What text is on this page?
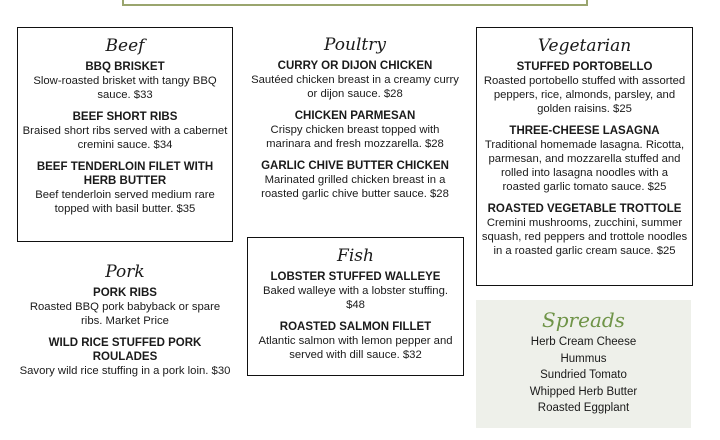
Beef
BBQ BRISKET
Slow-roasted brisket with tangy BBQ sauce. $33
BEEF SHORT RIBS
Braised short ribs served with a cabernet cremini sauce. $34
BEEF TENDERLOIN FILET WITH HERB BUTTER
Beef tenderloin served medium rare topped with basil butter. $35
Poultry
CURRY OR DIJON CHICKEN
Sautéed chicken breast in a creamy curry or dijon sauce. $28
CHICKEN PARMESAN
Crispy chicken breast topped with marinara and fresh mozzarella. $28
GARLIC CHIVE BUTTER CHICKEN
Marinated grilled chicken breast in a roasted garlic chive butter sauce. $28
Vegetarian
STUFFED PORTOBELLO
Roasted portobello stuffed with assorted peppers, rice, almonds, parsley, and golden raisins. $25
THREE-CHEESE LASAGNA
Traditional homemade lasagna. Ricotta, parmesan, and mozzarella stuffed and rolled into lasagna noodles with a roasted garlic tomato sauce. $25
ROASTED VEGETABLE TROTTOLE
Cremini mushrooms, zucchini, summer squash, red peppers and trottole noodles in a roasted garlic cream sauce. $25
Pork
PORK RIBS
Roasted BBQ pork babyback or spare ribs. Market Price
WILD RICE STUFFED PORK ROULADES
Savory wild rice stuffing in a pork loin. $30
Fish
LOBSTER STUFFED WALLEYE
Baked walleye with a lobster stuffing. $48
ROASTED SALMON FILLET
Atlantic salmon with lemon pepper and served with dill sauce. $32
Spreads
Herb Cream Cheese
Hummus
Sundried Tomato
Whipped Herb Butter
Roasted Eggplant
